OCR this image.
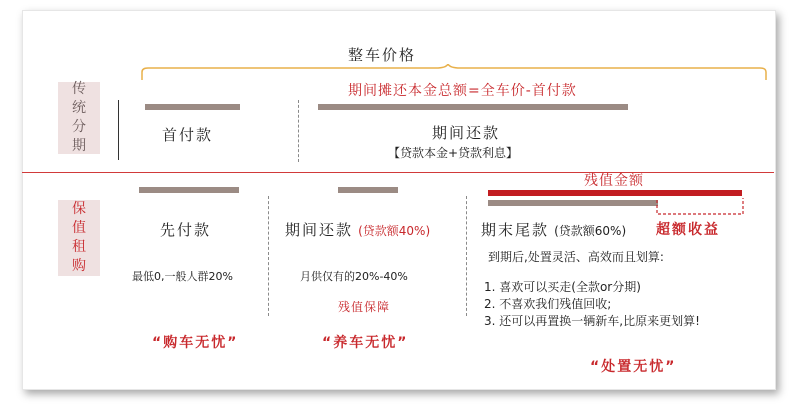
传统分期
整车价格
期间摊还本金总额=全车价-首付款
首付款	期间还款
【贷款本金+贷款利息】
保值租购
残值金额
先付款
最低0,一般人群20%
“购车无忧”
期间还款 (贷款额40%)
月供仅有的20%-40%
残值保障
“养车无忧”
期末尾款 (贷款额60%) 超额收益
到期后,处置灵活、高效而且划算:
1. 喜欢可以买走(全款or分期)
2. 不喜欢我们残值回收;
3. 还可以再置换一辆新车,比原来更划算!
“处置无忧”
